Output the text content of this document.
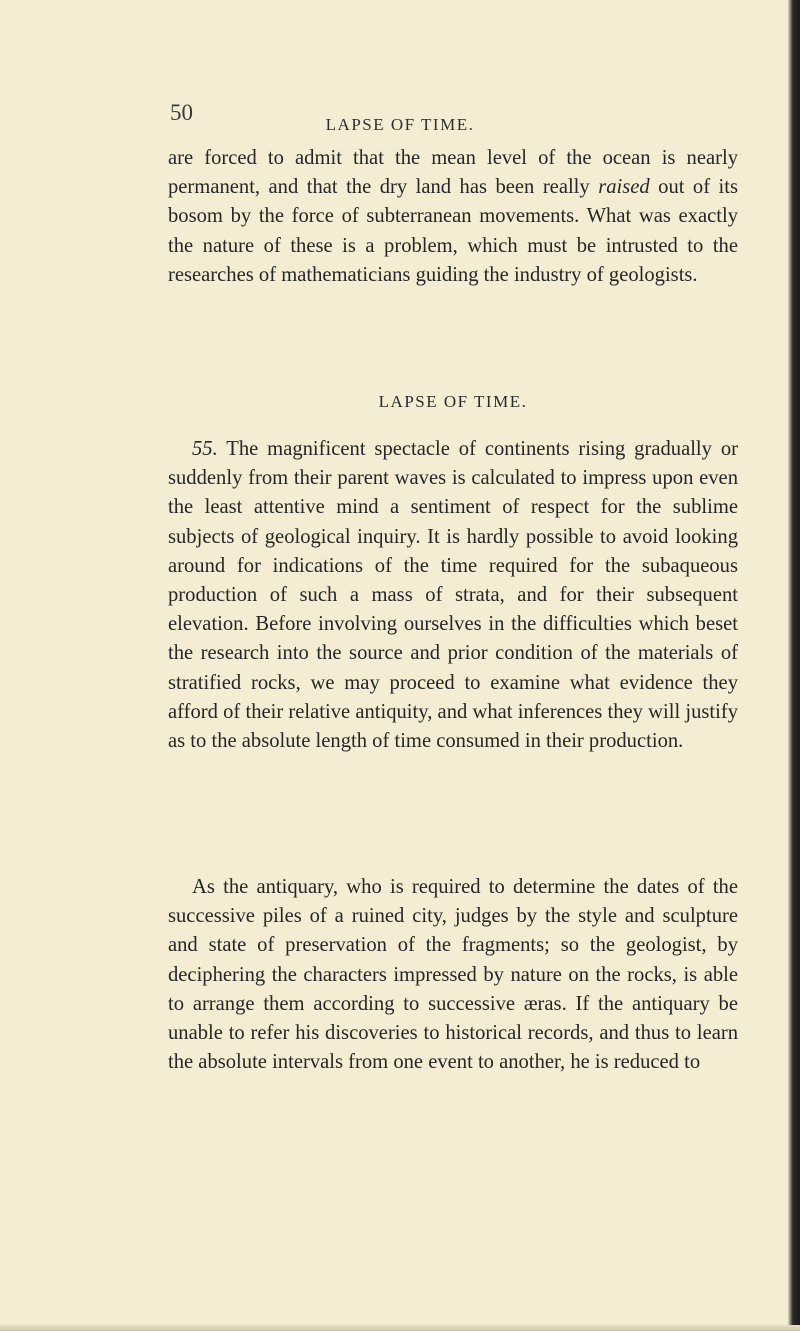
50	LAPSE OF TIME.

are forced to admit that the mean level of the ocean is nearly permanent, and that the dry land has been really raised out of its bosom by the force of subterranean movements. What was exactly the nature of these is a problem, which must be intrusted to the researches of mathematicians guiding the industry of geologists.

LAPSE OF TIME.

55. The magnificent spectacle of continents rising gradually or suddenly from their parent waves is calculated to impress upon even the least attentive mind a sentiment of respect for the sublime subjects of geological inquiry. It is hardly possible to avoid looking around for indications of the time required for the subaqueous production of such a mass of strata, and for their subsequent elevation. Before involving ourselves in the difficulties which beset the research into the source and prior condition of the materials of stratified rocks, we may proceed to examine what evidence they afford of their relative antiquity, and what inferences they will justify as to the absolute length of time consumed in their production.

As the antiquary, who is required to determine the dates of the successive piles of a ruined city, judges by the style and sculpture and state of preservation of the fragments; so the geologist, by deciphering the characters impressed by nature on the rocks, is able to arrange them according to successive æras. If the antiquary be unable to refer his discoveries to historical records, and thus to learn the absolute intervals from one event to another, he is reduced to
